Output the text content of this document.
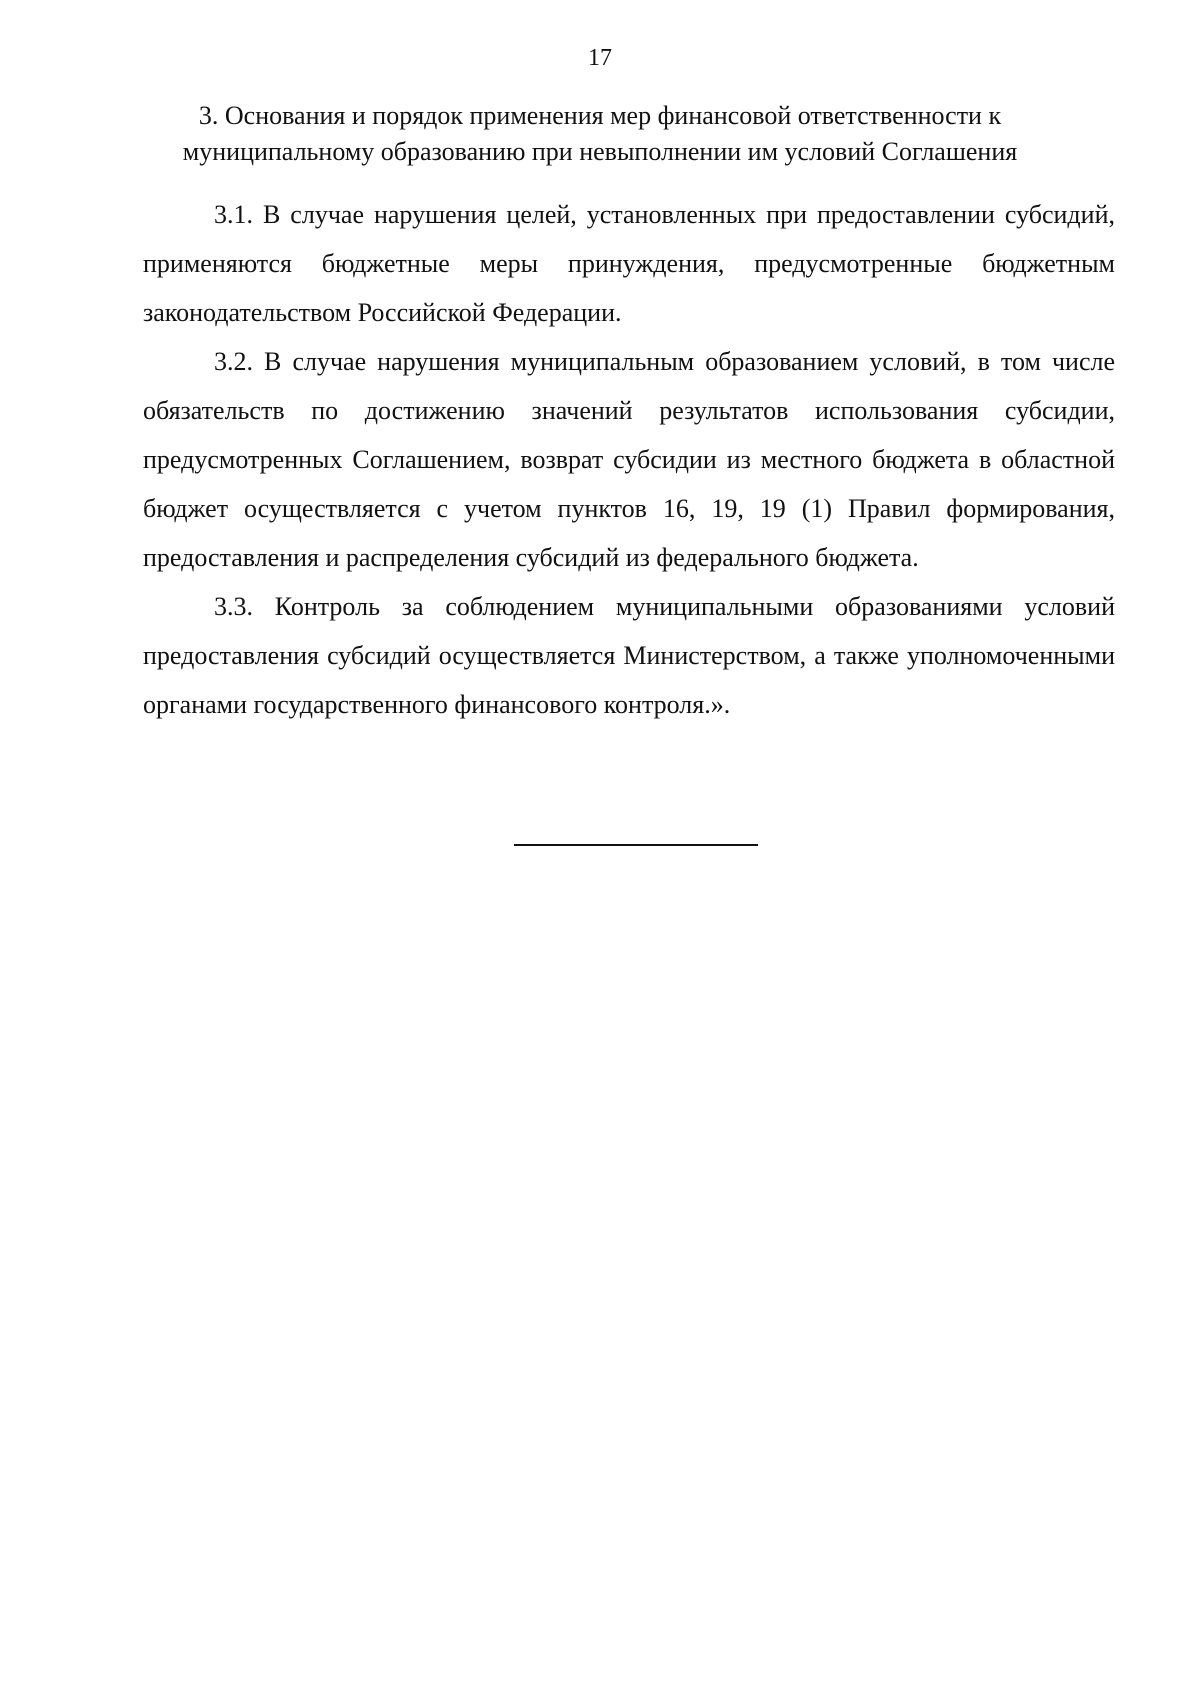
17
3. Основания и порядок применения мер финансовой ответственности к
муниципальному образованию при невыполнении им условий Соглашения

3.1. В случае нарушения целей, установленных при предоставлении субсидий, применяются бюджетные меры принуждения, предусмотренные бюджетным законодательством Российской Федерации.

3.2. В случае нарушения муниципальным образованием условий, в том числе обязательств по достижению значений результатов использования субсидии, предусмотренных Соглашением, возврат субсидии из местного бюджета в областной бюджет осуществляется с учетом пунктов 16, 19, 19 (1) Правил формирования, предоставления и распределения субсидий из федерального бюджета.

3.3. Контроль за соблюдением муниципальными образованиями условий предоставления субсидий осуществляется Министерством, а также уполномоченными органами государственного финансового контроля.».
